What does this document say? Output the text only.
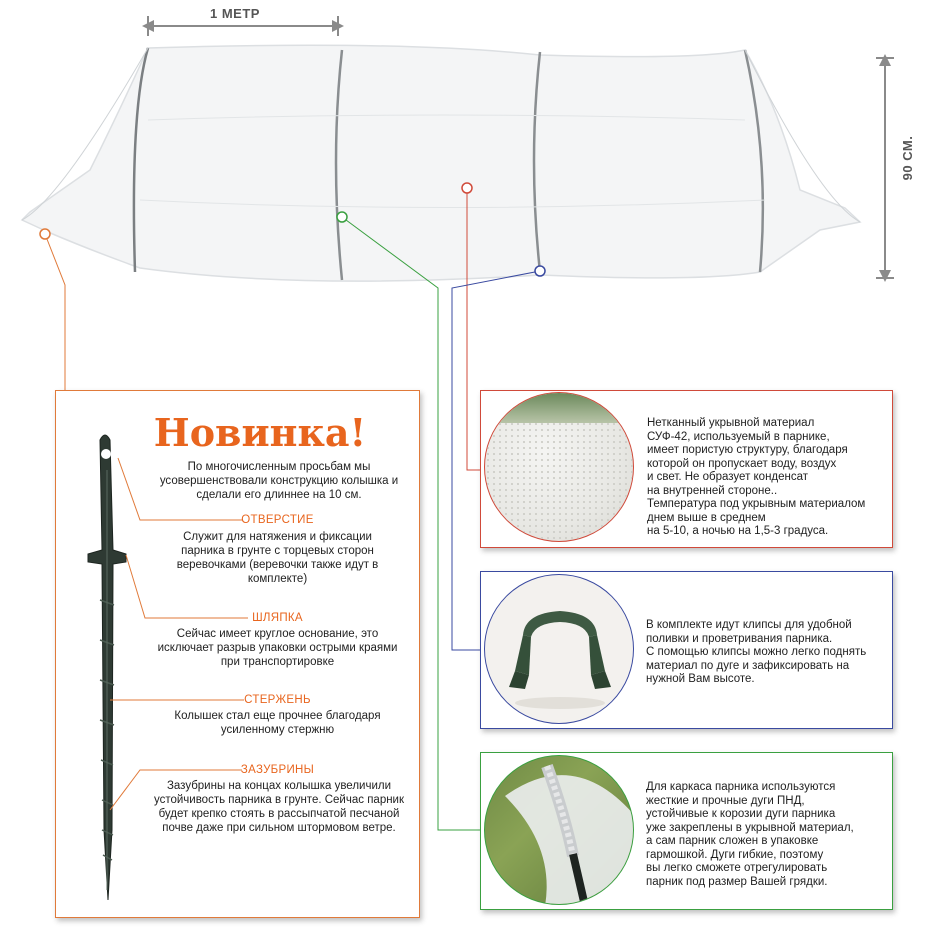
1 МЕТР
90 СМ.
Новинка!
По многочисленным просьбам мы усовершенствовали конструкцию колышка и сделали его длиннее на 10 см.
ОТВЕРСТИЕ
Служит для натяжения и фиксации парника в грунте с торцевых сторон веревочками (веревочки также идут в комплекте)
ШЛЯПКА
Сейчас имеет круглое основание, это исключает разрыв упаковки острыми краями при транспортировке
СТЕРЖЕНЬ
Колышек стал еще прочнее благодаря усиленному стержню
ЗАЗУБРИНЫ
Зазубрины на концах колышка увеличили устойчивость парника в грунте. Сейчас парник будет крепко стоять в рассыпчатой песчаной почве даже при сильном штормовом ветре.
Нетканный укрывной материал
СУФ-42, используемый в парнике,
имеет пористую структуру, благодаря
которой он пропускает воду, воздух
и свет. Не образует конденсат
на внутренней стороне..
Температура под укрывным материалом
днем выше в среднем
на 5-10, а ночью на 1,5-3 градуса.
В комплекте идут клипсы для удобной
поливки и проветривания парника.
С помощью клипсы можно легко поднять
материал по дуге и зафиксировать на
нужной Вам высоте.
Для каркаса парника используются
жесткие и прочные дуги ПНД,
устойчивые к корозии дуги парника
уже закреплены в укрывной материал,
а сам парник сложен в упаковке
гармошкой. Дуги гибкие, поэтому
вы легко сможете отрегулировать
парник под размер Вашей грядки.
